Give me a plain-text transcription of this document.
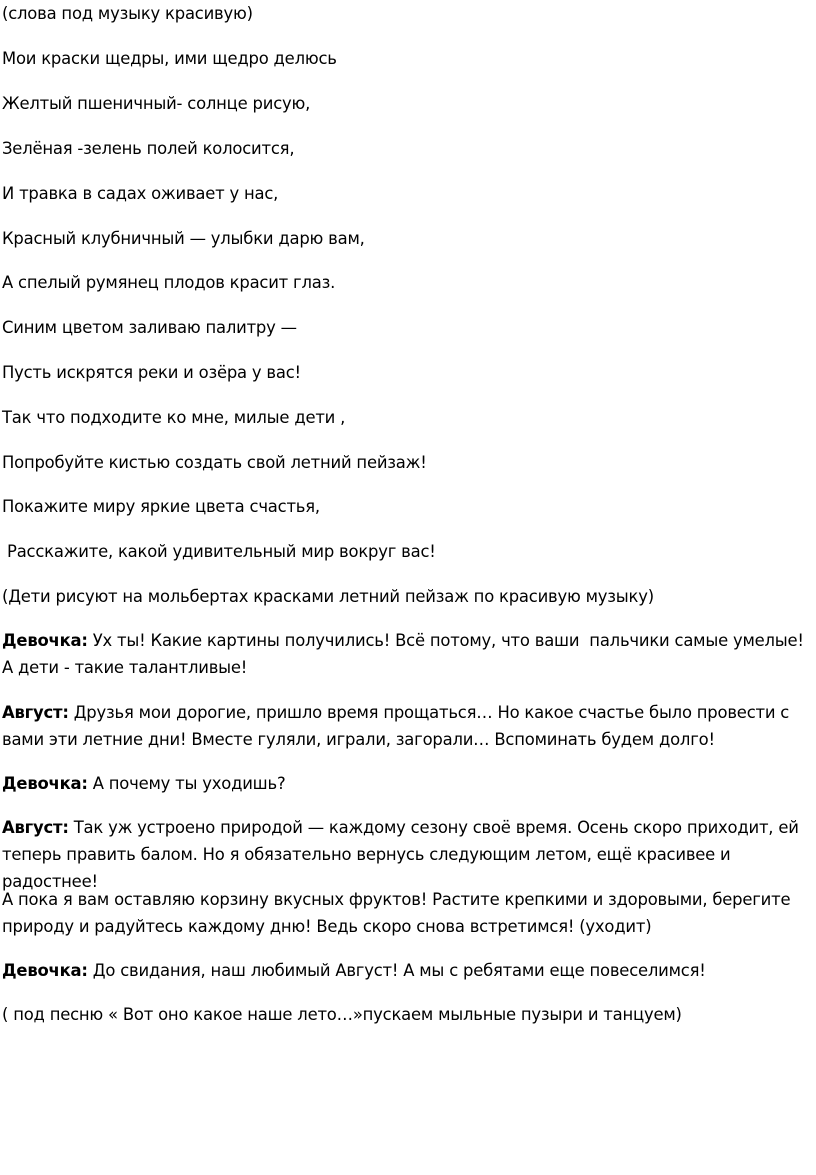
(слова под музыку красивую)

Мои краски щедры, ими щедро делюсь

Желтый пшеничный- солнце рисую,

Зелёная -зелень полей колосится,

И травка в садах оживает у нас,

Красный клубничный — улыбки дарю вам,

А спелый румянец плодов красит глаз.

Синим цветом заливаю палитру —

Пусть искрятся реки и озёра у вас!

Так что подходите ко мне, милые дети ,

Попробуйте кистью создать свой летний пейзаж!

Покажите миру яркие цвета счастья,

Расскажите, какой удивительный мир вокруг вас!

(Дети рисуют на мольбертах красками летний пейзаж по красивую музыку)

Девочка: Ух ты! Какие картины получились! Всё потому, что ваши  пальчики самые умелые! А дети - такие талантливые!

Август: Друзья мои дорогие, пришло время прощаться… Но какое счастье было провести с вами эти летние дни! Вместе гуляли, играли, загорали… Вспоминать будем долго!

Девочка: А почему ты уходишь?

Август: Так уж устроено природой — каждому сезону своё время. Осень скоро приходит, ей теперь править балом. Но я обязательно вернусь следующим летом, ещё красивее и радостнее!

А пока я вам оставляю корзину вкусных фруктов! Растите крепкими и здоровыми, берегите природу и радуйтесь каждому дню! Ведь скоро снова встретимся! (уходит)

Девочка: До свидания, наш любимый Август! А мы с ребятами еще повеселимся!

( под песню « Вот оно какое наше лето…»пускаем мыльные пузыри и танцуем)
